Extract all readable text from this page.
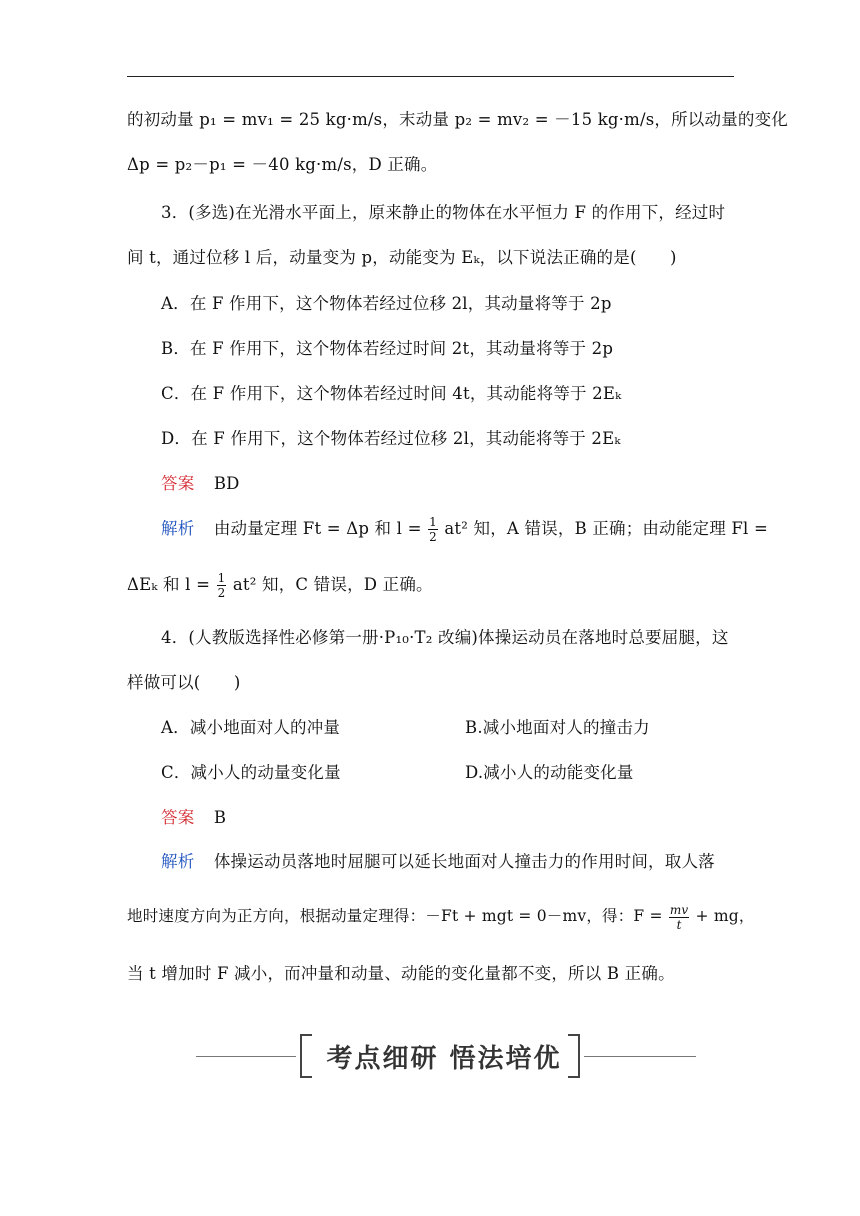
的初动量 p₁ = mv₁ = 25 kg·m/s，末动量 p₂ = mv₂ = －15 kg·m/s，所以动量的变化
Δp = p₂－p₁ = －40 kg·m/s，D 正确。
3．(多选)在光滑水平面上，原来静止的物体在水平恒力 F 的作用下，经过时
间 t，通过位移 l 后，动量变为 p，动能变为 Eₖ，以下说法正确的是(　　)
A．在 F 作用下，这个物体若经过位移 2l，其动量将等于 2p
B．在 F 作用下，这个物体若经过时间 2t，其动量将等于 2p
C．在 F 作用下，这个物体若经过时间 4t，其动能将等于 2Eₖ
D．在 F 作用下，这个物体若经过位移 2l，其动能将等于 2Eₖ
答案 BD
解析 由动量定理 Ft = Δp 和 $l = \frac{1}{2} at^2$ 知，A 错误，B 正确；由动能定理 Fl =
ΔEₖ 和 $l = \frac{1}{2} at^2$ 知，C 错误，D 正确。
4．(人教版选择性必修第一册·P₁₀·T₂ 改编)体操运动员在落地时总要屈腿，这
样做可以(　　)
A．减小地面对人的冲量	B.减小地面对人的撞击力
C．减小人的动量变化量	D.减小人的动能变化量
答案 B
解析 体操运动员落地时屈腿可以延长地面对人撞击力的作用时间，取人落
地时速度方向为正方向，根据动量定理得：－Ft + mgt = 0－mv，得：$F = \frac{mv}{t}$ + mg，
当 t 增加时 F 减小，而冲量和动量、动能的变化量都不变，所以 B 正确。
考点细研 悟法培优
